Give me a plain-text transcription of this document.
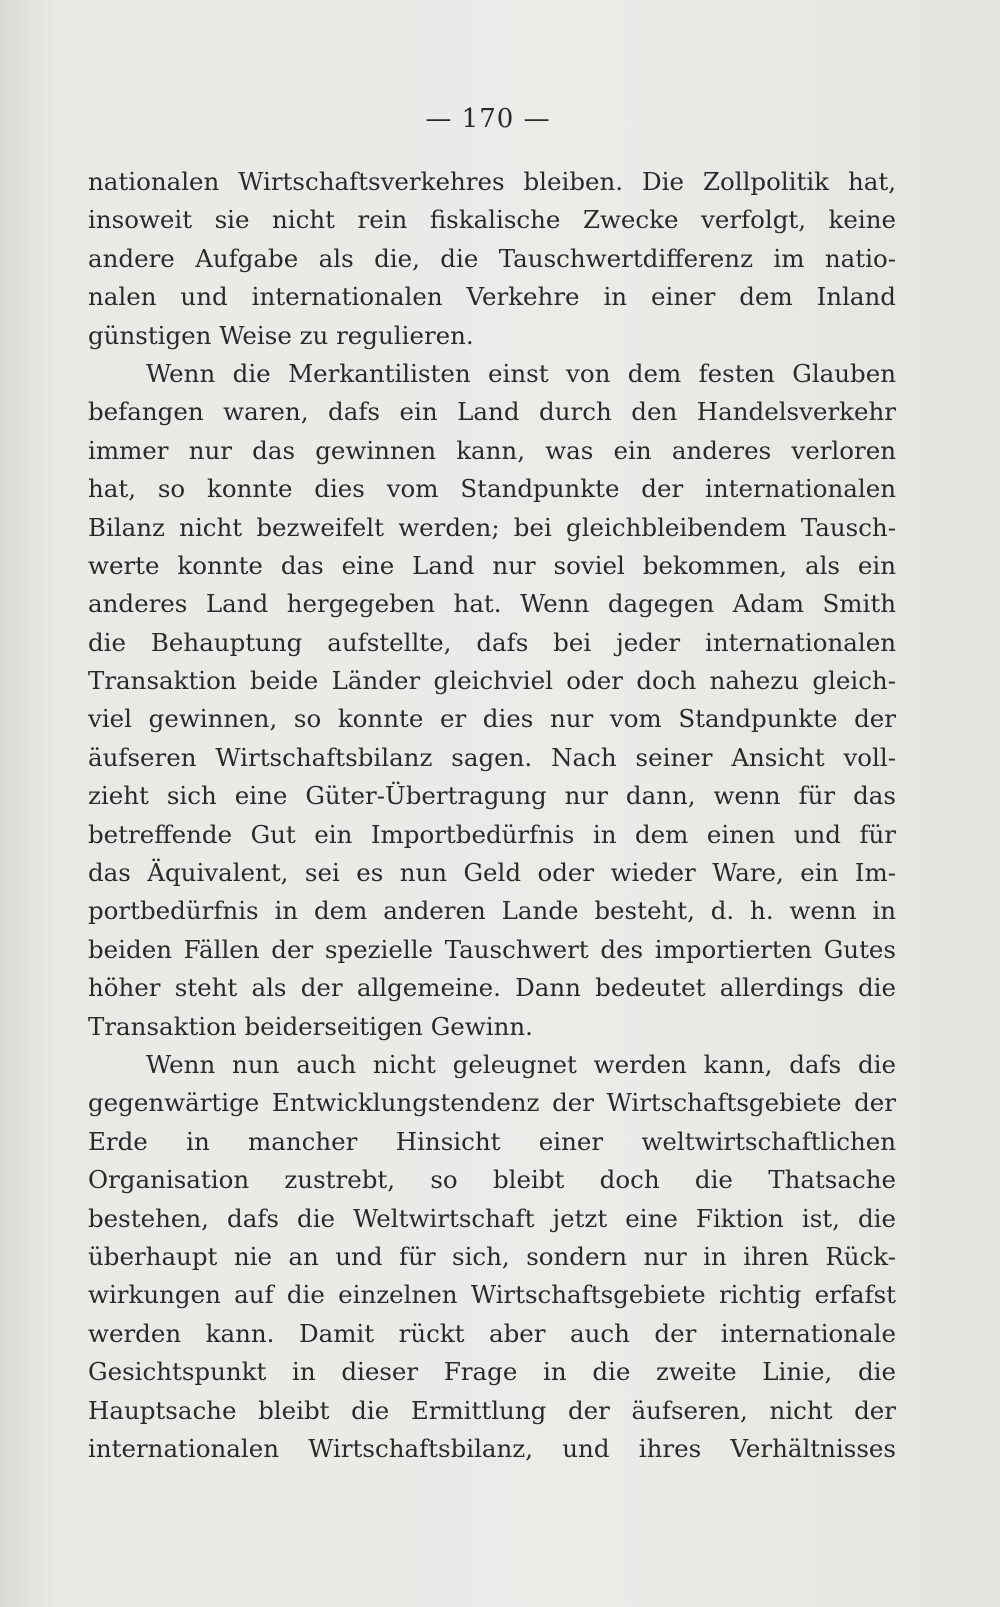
— 170 —
nationalen Wirtschaftsverkehres bleiben. Die Zollpolitik hat,
insoweit sie nicht rein fiskalische Zwecke verfolgt, keine
andere Aufgabe als die, die Tauschwertdifferenz im natio-
nalen und internationalen Verkehre in einer dem Inland
günstigen Weise zu regulieren.
Wenn die Merkantilisten einst von dem festen Glauben
befangen waren, dafs ein Land durch den Handelsverkehr
immer nur das gewinnen kann, was ein anderes verloren
hat, so konnte dies vom Standpunkte der internationalen
Bilanz nicht bezweifelt werden; bei gleichbleibendem Tausch-
werte konnte das eine Land nur soviel bekommen, als ein
anderes Land hergegeben hat. Wenn dagegen Adam Smith
die Behauptung aufstellte, dafs bei jeder internationalen
Transaktion beide Länder gleichviel oder doch nahezu gleich-
viel gewinnen, so konnte er dies nur vom Standpunkte der
äufseren Wirtschaftsbilanz sagen. Nach seiner Ansicht voll-
zieht sich eine Güter-Übertragung nur dann, wenn für das
betreffende Gut ein Importbedürfnis in dem einen und für
das Äquivalent, sei es nun Geld oder wieder Ware, ein Im-
portbedürfnis in dem anderen Lande besteht, d. h. wenn in
beiden Fällen der spezielle Tauschwert des importierten Gutes
höher steht als der allgemeine. Dann bedeutet allerdings die
Transaktion beiderseitigen Gewinn.
Wenn nun auch nicht geleugnet werden kann, dafs die
gegenwärtige Entwicklungstendenz der Wirtschaftsgebiete der
Erde in mancher Hinsicht einer weltwirtschaftlichen
Organisation zustrebt, so bleibt doch die Thatsache
bestehen, dafs die Weltwirtschaft jetzt eine Fiktion ist, die
überhaupt nie an und für sich, sondern nur in ihren Rück-
wirkungen auf die einzelnen Wirtschaftsgebiete richtig erfafst
werden kann. Damit rückt aber auch der internationale
Gesichtspunkt in dieser Frage in die zweite Linie, die
Hauptsache bleibt die Ermittlung der äufseren, nicht der
internationalen Wirtschaftsbilanz, und ihres Verhältnisses
